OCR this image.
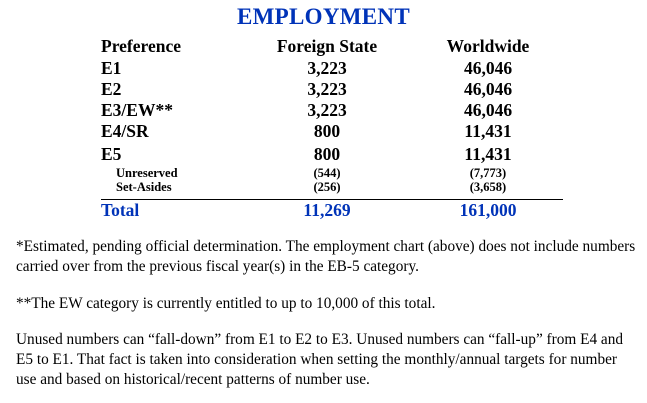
EMPLOYMENT
Preference	Foreign State	Worldwide
E1	3,223	46,046
E2	3,223	46,046
E3/EW**	3,223	46,046
E4/SR	800	11,431
E5	800	11,431
Unreserved	(544)	(7,773)
Set-Asides	(256)	(3,658)
Total	11,269	161,000
*Estimated, pending official determination. The employment chart (above) does not include numbers carried over from the previous fiscal year(s) in the EB-5 category.
**The EW category is currently entitled to up to 10,000 of this total.
Unused numbers can “fall-down” from E1 to E2 to E3. Unused numbers can “fall-up” from E4 and E5 to E1. That fact is taken into consideration when setting the monthly/annual targets for number use and based on historical/recent patterns of number use.
